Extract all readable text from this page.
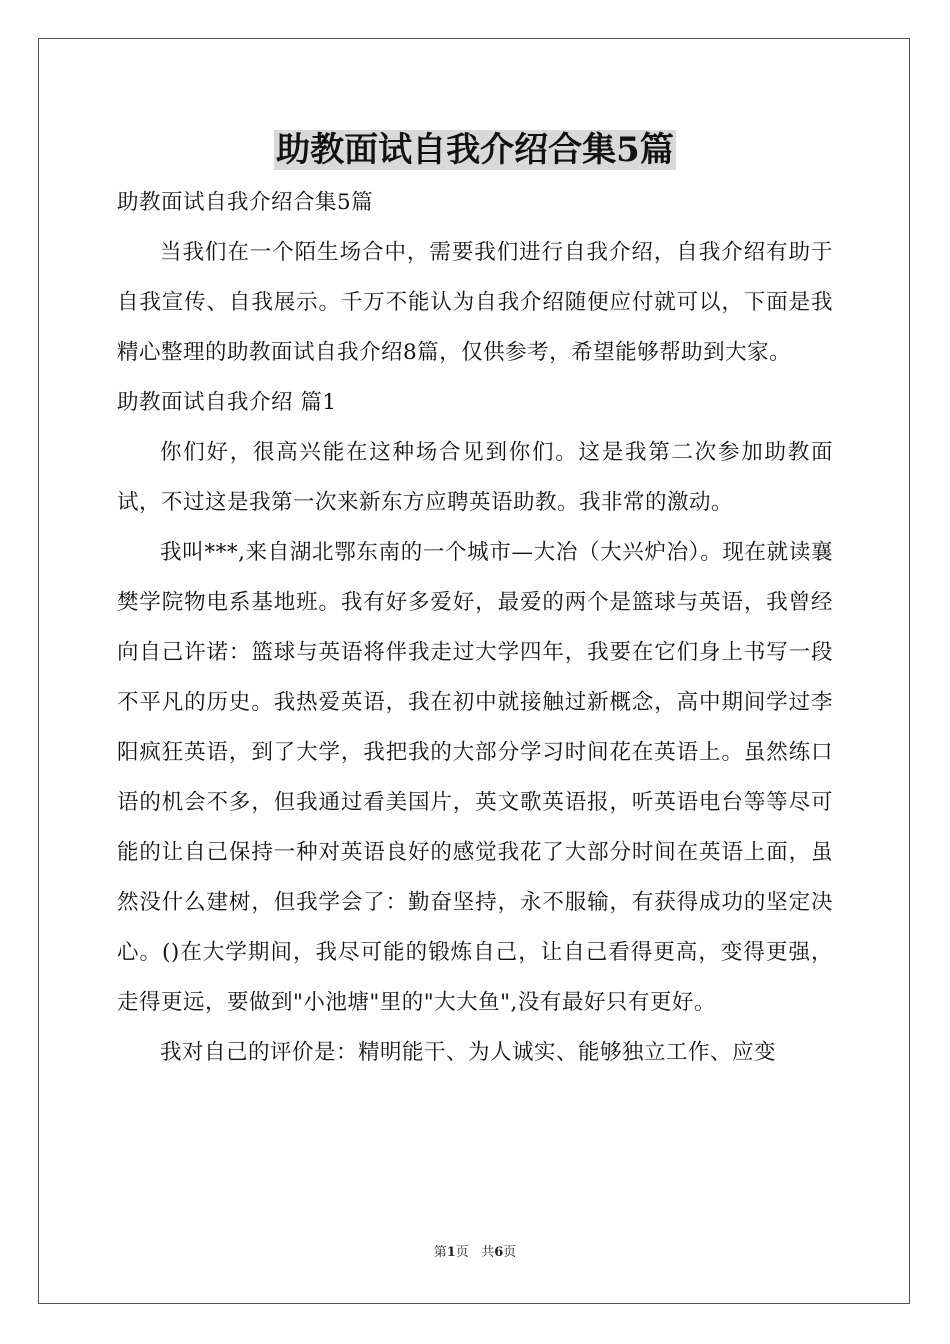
助教面试自我介绍合集5篇

助教面试自我介绍合集5篇

当我们在一个陌生场合中，需要我们进行自我介绍，自我介绍有助于自我宣传、自我展示。千万不能认为自我介绍随便应付就可以，下面是我精心整理的助教面试自我介绍8篇，仅供参考，希望能够帮助到大家。

助教面试自我介绍 篇1

你们好，很高兴能在这种场合见到你们。这是我第二次参加助教面试，不过这是我第一次来新东方应聘英语助教。我非常的激动。

我叫***,来自湖北鄂东南的一个城市—大冶（大兴炉冶）。现在就读襄樊学院物电系基地班。我有好多爱好，最爱的两个是篮球与英语，我曾经向自己许诺：篮球与英语将伴我走过大学四年，我要在它们身上书写一段不平凡的历史。我热爱英语，我在初中就接触过新概念，高中期间学过李阳疯狂英语，到了大学，我把我的大部分学习时间花在英语上。虽然练口语的机会不多，但我通过看美国片，英文歌英语报，听英语电台等等尽可能的让自己保持一种对英语良好的感觉我花了大部分时间在英语上面，虽然没什么建树，但我学会了：勤奋坚持，永不服输，有获得成功的坚定决心。()在大学期间，我尽可能的锻炼自己，让自己看得更高，变得更强，走得更远，要做到"小池塘"里的"大大鱼",没有最好只有更好。

我对自己的评价是：精明能干、为人诚实、能够独立工作、应变

第1页 共6页
